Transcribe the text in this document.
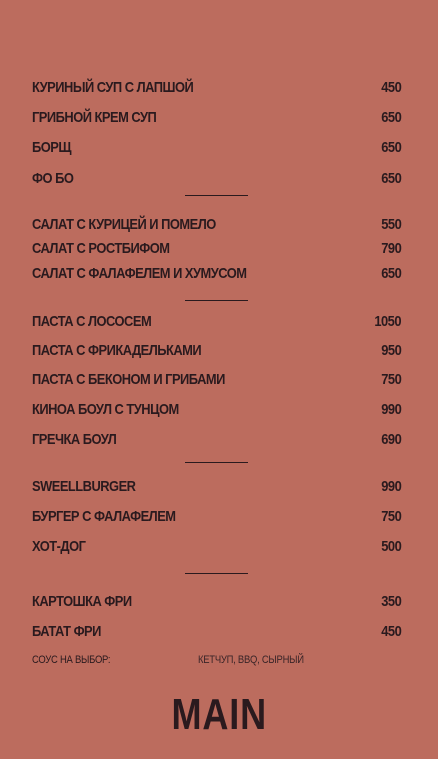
КУРИНЫЙ СУП С ЛАПШОЙ	450
ГРИБНОЙ КРЕМ СУП	650
БОРЩ	650
ФО БО	650
САЛАТ С КУРИЦЕЙ И ПОМЕЛО	550
САЛАТ С РОСТБИФОМ	790
САЛАТ С ФАЛАФЕЛЕМ И ХУМУСОМ	650
ПАСТА С ЛОСОСЕМ	1050
ПАСТА С ФРИКАДЕЛЬКАМИ	950
ПАСТА С БЕКОНОМ И ГРИБАМИ	750
КИНОА БОУЛ С ТУНЦОМ	990
ГРЕЧКА БОУЛ	690
SWEELLBURGER	990
БУРГЕР С ФАЛАФЕЛЕМ	750
ХОТ-ДОГ	500
КАРТОШКА ФРИ	350
БАТАТ ФРИ	450
СОУС НА ВЫБОР:	КЕТЧУП, BBQ, СЫРНЫЙ
MAIN
